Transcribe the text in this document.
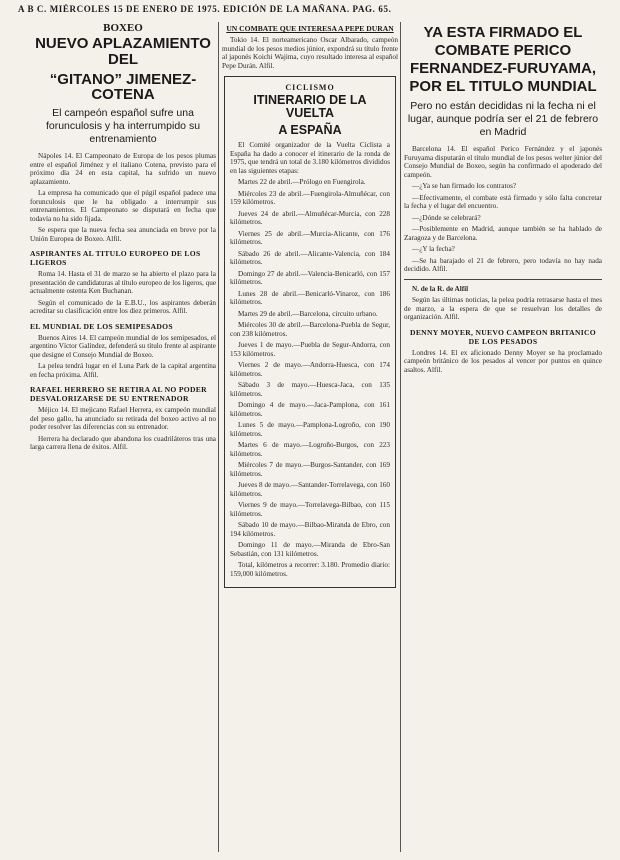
A B C. MIÉRCOLES 15 DE ENERO DE 1975. EDICIÓN DE LA MAÑANA. PAG. 65.
BOXEO
NUEVO APLAZAMIENTO DEL
“GITANO” JIMENEZ-COTENA
El campeón español sufre una forunculosis y ha interrumpido su entrenamiento
Nápoles 14. El Campeonato de Europa de los pesos plumas entre el español Jiménez y el italiano Cotena, previsto para el próximo día 24 en esta capital, ha sufrido un nuevo aplazamiento.
La empresa ha comunicado que el púgil español padece una forunculosis que le ha obligado a interrumpir sus entrenamientos. El Campeonato se disputará en fecha que todavía no ha sido fijada.
Se espera que la nueva fecha sea anunciada en breve por la Unión Europea de Boxeo. Alfil.
ASPIRANTES AL TITULO EUROPEO DE LOS LIGEROS
Roma 14. Hasta el 31 de marzo se ha abierto el plazo para la presentación de candidaturas al título europeo de los ligeros, que actualmente ostenta Ken Buchanan.
Según el comunicado de la E.B.U., los aspirantes deberán acreditar su clasificación entre los diez primeros. Alfil.
EL MUNDIAL DE LOS SEMIPESADOS
Buenos Aires 14. El campeón mundial de los semipesados, el argentino Víctor Galíndez, defenderá su título frente al aspirante que designe el Consejo Mundial de Boxeo.
La pelea tendrá lugar en el Luna Park de la capital argentina en fecha próxima. Alfil.
RAFAEL HERRERO SE RETIRA AL NO PODER DESVALORIZARSE DE SU ENTRENADOR
Méjico 14. El mejicano Rafael Herrera, ex campeón mundial del peso gallo, ha anunciado su retirada del boxeo activo al no poder resolver las diferencias con su entrenador.
Herrera ha declarado que abandona los cuadriláteros tras una larga carrera llena de éxitos. Alfil.
UN COMBATE QUE INTERESA A PEPE DURAN
Tokio 14. El norteamericano Oscar Albarado, campeón mundial de los pesos medios júnior, expondrá su título frente al japonés Koichi Wajima, cuyo resultado interesa al español Pepe Durán. Alfil.
CICLISMO
ITINERARIO DE LA VUELTA
A ESPAÑA
El Comité organizador de la Vuelta Ciclista a España ha dado a conocer el itinerario de la ronda de 1975, que tendrá un total de 3.180 kilómetros divididos en las siguientes etapas:
Martes 22 de abril.—Prólogo en Fuengirola.
Miércoles 23 de abril.—Fuengirola-Almuñécar, con 159 kilómetros.
Jueves 24 de abril.—Almuñécar-Murcia, con 228 kilómetros.
Viernes 25 de abril.—Murcia-Alicante, con 176 kilómetros.
Sábado 26 de abril.—Alicante-Valencia, con 184 kilómetros.
Domingo 27 de abril.—Valencia-Benicarló, con 157 kilómetros.
Lunes 28 de abril.—Benicarló-Vinaroz, con 186 kilómetros.
Martes 29 de abril.—Barcelona, circuito urbano.
Miércoles 30 de abril.—Barcelona-Puebla de Segur, con 238 kilómetros.
Jueves 1 de mayo.—Puebla de Segur-Andorra, con 153 kilómetros.
Viernes 2 de mayo.—Andorra-Huesca, con 174 kilómetros.
Sábado 3 de mayo.—Huesca-Jaca, con 135 kilómetros.
Domingo 4 de mayo.—Jaca-Pamplona, con 161 kilómetros.
Lunes 5 de mayo.—Pamplona-Logroño, con 190 kilómetros.
Martes 6 de mayo.—Logroño-Burgos, con 223 kilómetros.
Miércoles 7 de mayo.—Burgos-Santander, con 169 kilómetros.
Jueves 8 de mayo.—Santander-Torrelavega, con 160 kilómetros.
Viernes 9 de mayo.—Torrelavega-Bilbao, con 115 kilómetros.
Sábado 10 de mayo.—Bilbao-Miranda de Ebro, con 194 kilómetros.
Domingo 11 de mayo.—Miranda de Ebro-San Sebastián, con 131 kilómetros.
Total, kilómetros a recorrer: 3.180. Promedio diario: 159,000 kilómetros.
YA ESTA FIRMADO EL COMBATE PERICO FERNANDEZ-FURUYAMA, POR EL TITULO MUNDIAL
Pero no están decididas ni la fecha ni el lugar, aunque podría ser el 21 de febrero en Madrid
Barcelona 14. El español Perico Fernández y el japonés Furuyama disputarán el título mundial de los pesos welter júnior del Consejo Mundial de Boxeo, según ha confirmado el apoderado del campeón.
—¿Ya se han firmado los contratos?
—Efectivamente, el combate está firmado y sólo falta concretar la fecha y el lugar del encuentro.
—¿Dónde se celebrará?
—Posiblemente en Madrid, aunque también se ha hablado de Zaragoza y de Barcelona.
—¿Y la fecha?
—Se ha barajado el 21 de febrero, pero todavía no hay nada decidido. Alfil.
N. de la R. de Alfil
Según las últimas noticias, la pelea podría retrasarse hasta el mes de marzo, a la espera de que se resuelvan los detalles de organización. Alfil.
DENNY MOYER, NUEVO CAMPEON BRITANICO DE LOS PESADOS
Londres 14. El ex aficionado Denny Moyer se ha proclamado campeón británico de los pesados al vencer por puntos en quince asaltos. Alfil.
